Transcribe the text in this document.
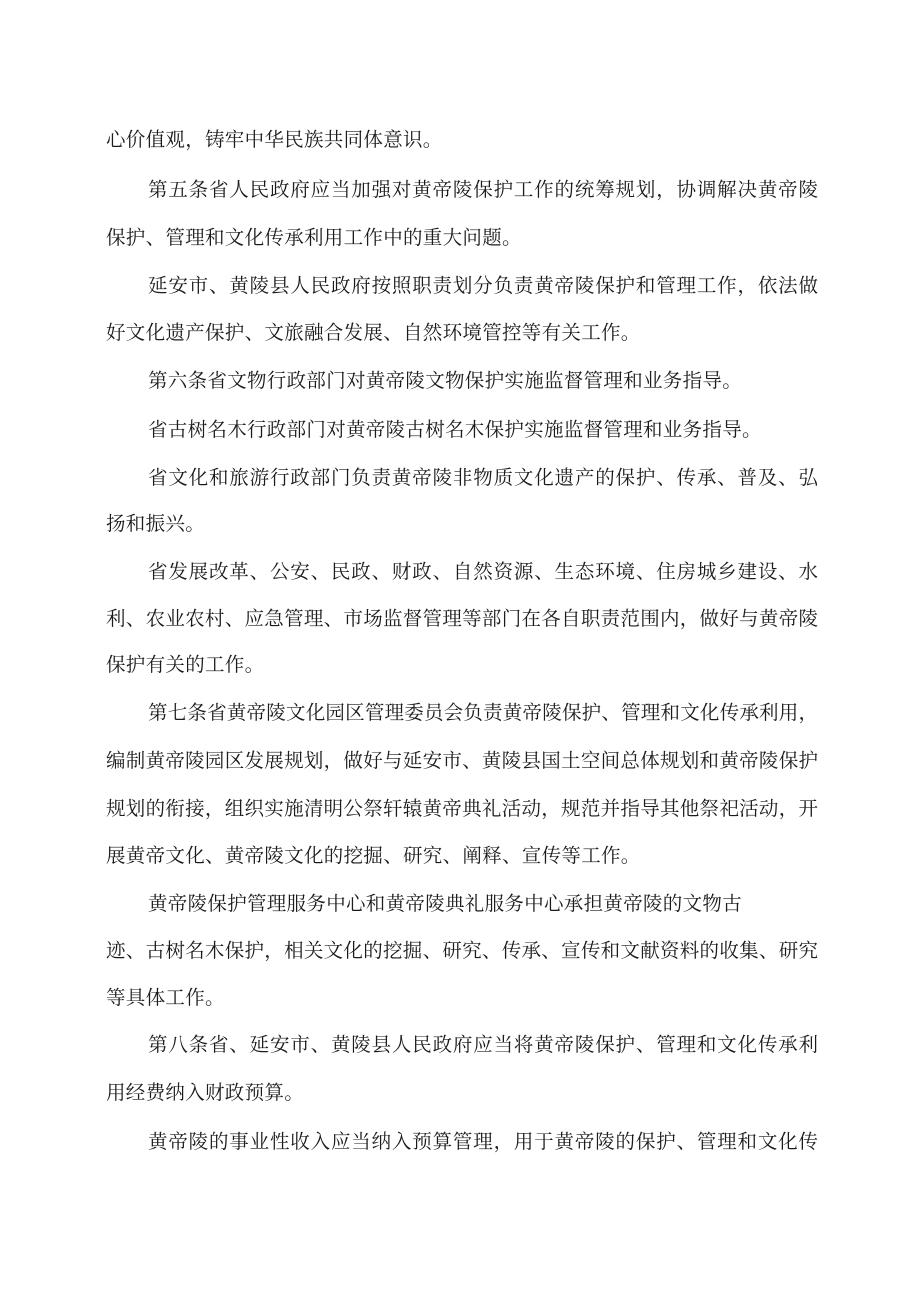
心价值观，铸牢中华民族共同体意识。
第五条省人民政府应当加强对黄帝陵保护工作的统筹规划，协调解决黄帝陵
保护、管理和文化传承利用工作中的重大问题。
延安市、黄陵县人民政府按照职责划分负责黄帝陵保护和管理工作，依法做
好文化遗产保护、文旅融合发展、自然环境管控等有关工作。
第六条省文物行政部门对黄帝陵文物保护实施监督管理和业务指导。
省古树名木行政部门对黄帝陵古树名木保护实施监督管理和业务指导。
省文化和旅游行政部门负责黄帝陵非物质文化遗产的保护、传承、普及、弘
扬和振兴。
省发展改革、公安、民政、财政、自然资源、生态环境、住房城乡建设、水
利、农业农村、应急管理、市场监督管理等部门在各自职责范围内，做好与黄帝陵
保护有关的工作。
第七条省黄帝陵文化园区管理委员会负责黄帝陵保护、管理和文化传承利用，
编制黄帝陵园区发展规划，做好与延安市、黄陵县国土空间总体规划和黄帝陵保护
规划的衔接，组织实施清明公祭轩辕黄帝典礼活动，规范并指导其他祭祀活动，开
展黄帝文化、黄帝陵文化的挖掘、研究、阐释、宣传等工作。
黄帝陵保护管理服务中心和黄帝陵典礼服务中心承担黄帝陵的文物古
迹、古树名木保护，相关文化的挖掘、研究、传承、宣传和文献资料的收集、研究
等具体工作。
第八条省、延安市、黄陵县人民政府应当将黄帝陵保护、管理和文化传承利
用经费纳入财政预算。
黄帝陵的事业性收入应当纳入预算管理，用于黄帝陵的保护、管理和文化传
